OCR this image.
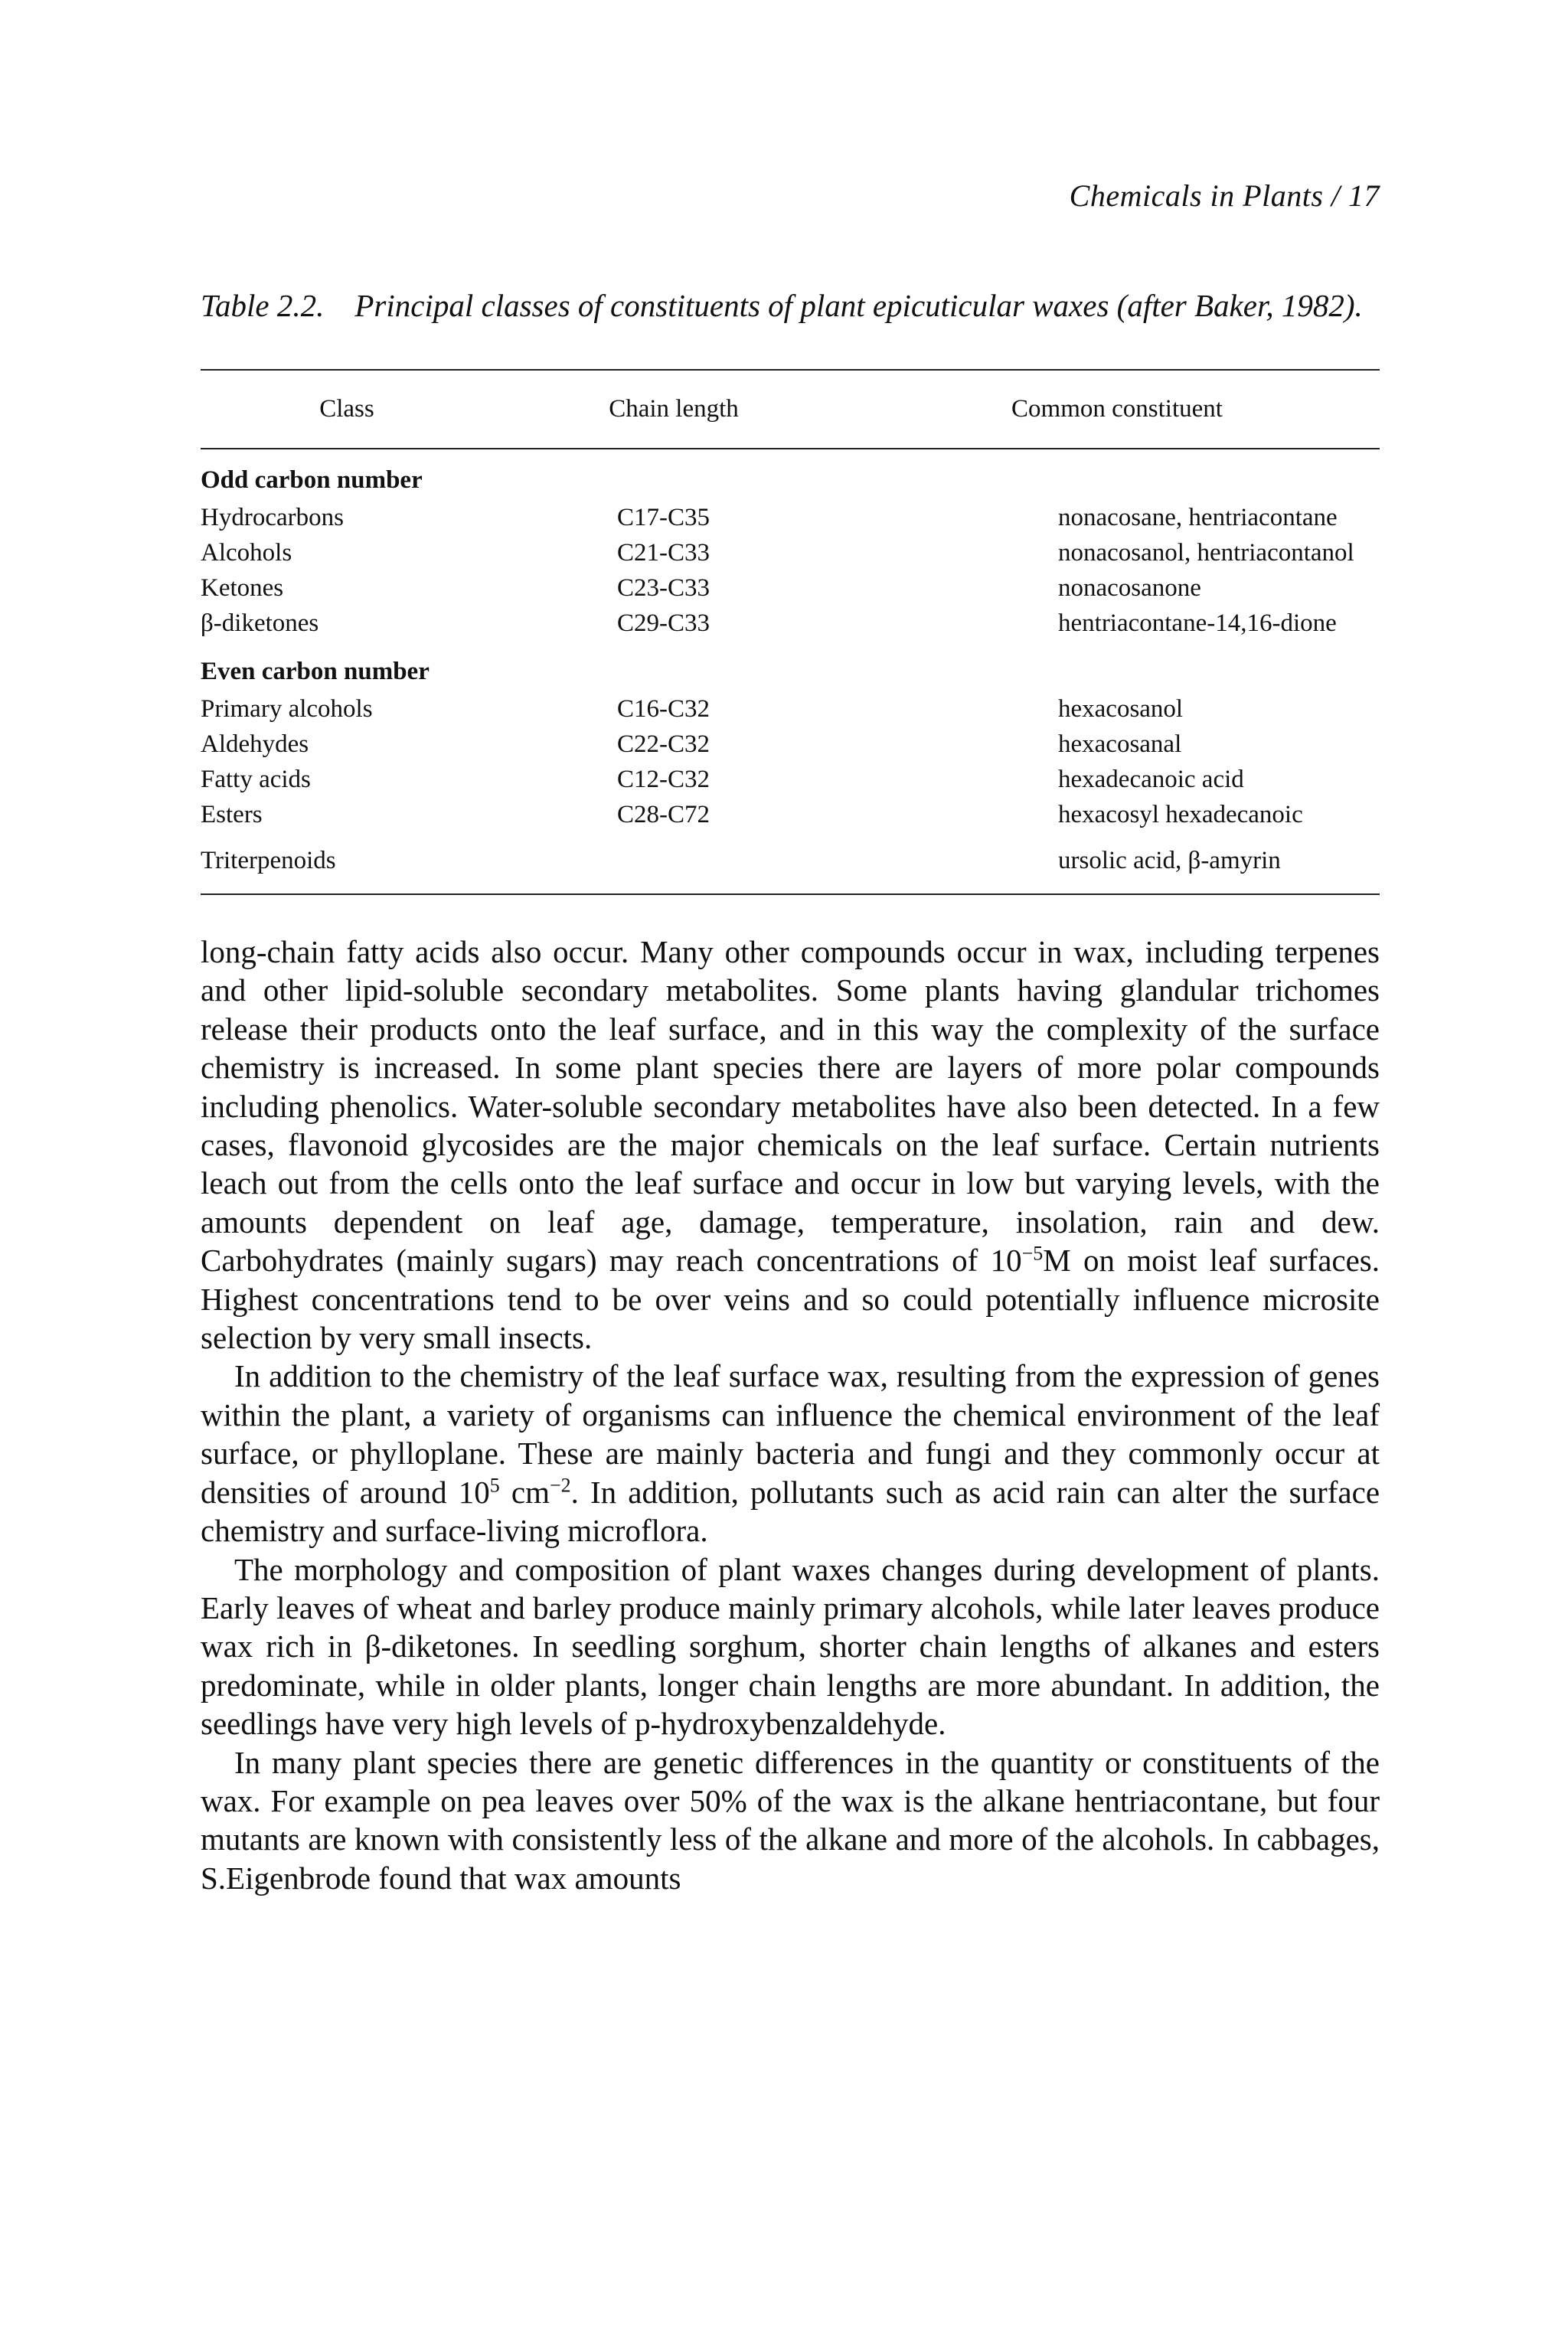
Chemicals in Plants / 17
Table 2.2. Principal classes of constituents of plant epicuticular waxes (after Baker, 1982).
Class	Chain length	Common constituent

Odd carbon number		
Hydrocarbons	C17-C35	nonacosane, hentriacontane
Alcohols	C21-C33	nonacosanol, hentriacontanol
Ketones	C23-C33	nonacosanone
β-diketones	C29-C33	hentriacontane-14,16-dione
Even carbon number		
Primary alcohols	C16-C32	hexacosanol
Aldehydes	C22-C32	hexacosanal
Fatty acids	C12-C32	hexadecanoic acid
Esters	C28-C72	hexacosyl hexadecanoic

Triterpenoids		ursolic acid, β-amyrin

long-chain fatty acids also occur. Many other compounds occur in wax, including terpenes and other lipid-soluble secondary metabolites. Some plants having glandular trichomes release their products onto the leaf surface, and in this way the complexity of the surface chemistry is increased. In some plant species there are layers of more polar compounds including phenolics. Water-soluble secondary metabolites have also been detected. In a few cases, flavonoid glycosides are the major chemicals on the leaf surface. Certain nutrients leach out from the cells onto the leaf surface and occur in low but varying levels, with the amounts dependent on leaf age, damage, temperature, insolation, rain and dew. Carbohydrates (mainly sugars) may reach concentrations of $10^{-5}M$ on moist leaf surfaces. Highest concentrations tend to be over veins and so could potentially influence microsite selection by very small insects.

In addition to the chemistry of the leaf surface wax, resulting from the expression of genes within the plant, a variety of organisms can influence the chemical environment of the leaf surface, or phylloplane. These are mainly bacteria and fungi and they commonly occur at densities of around $10^5$ $cm^{-2}$. In addition, pollutants such as acid rain can alter the surface chemistry and surface-living microflora.

The morphology and composition of plant waxes changes during development of plants. Early leaves of wheat and barley produce mainly primary alcohols, while later leaves produce wax rich in β-diketones. In seedling sorghum, shorter chain lengths of alkanes and esters predominate, while in older plants, longer chain lengths are more abundant. In addition, the seedlings have very high levels of p-hydroxybenzaldehyde.

In many plant species there are genetic differences in the quantity or constituents of the wax. For example on pea leaves over 50% of the wax is the alkane hentriacontane, but four mutants are known with consistently less of the alkane and more of the alcohols. In cabbages, S.Eigenbrode found that wax amounts
